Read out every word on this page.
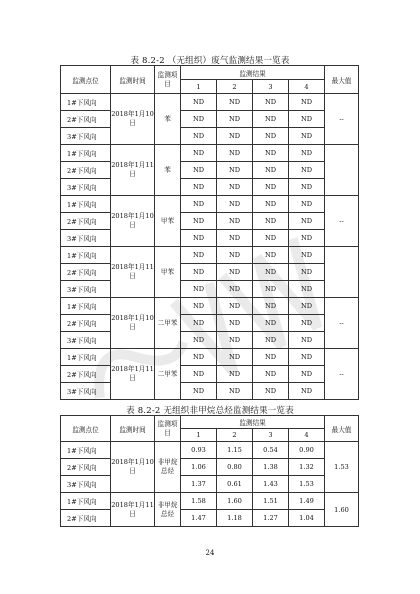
表 8.2-2 （无组织）废气监测结果一览表
监测点位	监测时间	监测项目	监测结果				最大值
			1	2	3	4	
1#下风向	2018年1月10日	苯	ND	ND	ND	ND	--
2#下风向			ND	ND	ND	ND	
3#下风向			ND	ND	ND	ND	
1#下风向	2018年1月11日	苯	ND	ND	ND	ND	
2#下风向			ND	ND	ND	ND	
3#下风向			ND	ND	ND	ND	
1#下风向	2018年1月10日	甲苯	ND	ND	ND	ND	--
2#下风向			ND	ND	ND	ND	
3#下风向			ND	ND	ND	ND	
1#下风向	2018年1月11日	甲苯	ND	ND	ND	ND	
2#下风向			ND	ND	ND	ND	
3#下风向			ND	ND	ND	ND	
1#下风向	2018年1月10日	二甲苯	ND	ND	ND	ND	--
2#下风向			ND	ND	ND	ND	
3#下风向			ND	ND	ND	ND	
1#下风向	2018年1月11日	二甲苯	ND	ND	ND	ND	--
2#下风向			ND	ND	ND	ND	
3#下风向			ND	ND	ND	ND	
表 8.2-2 无组织非甲烷总烃监测结果一览表
监测点位	监测时间	监测项目	监测结果				最大值
			1	2	3	4	
1#下风向	2018年1月10日	非甲烷总烃	0.93	1.15	0.54	0.90	1.53
2#下风向			1.06	0.80	1.38	1.32	
3#下风向			1.37	0.61	1.43	1.53	
1#下风向	2018年1月11日	非甲烷总烃	1.58	1.60	1.51	1.49	1.60
2#下风向			1.47	1.18	1.27	1.04	
24
